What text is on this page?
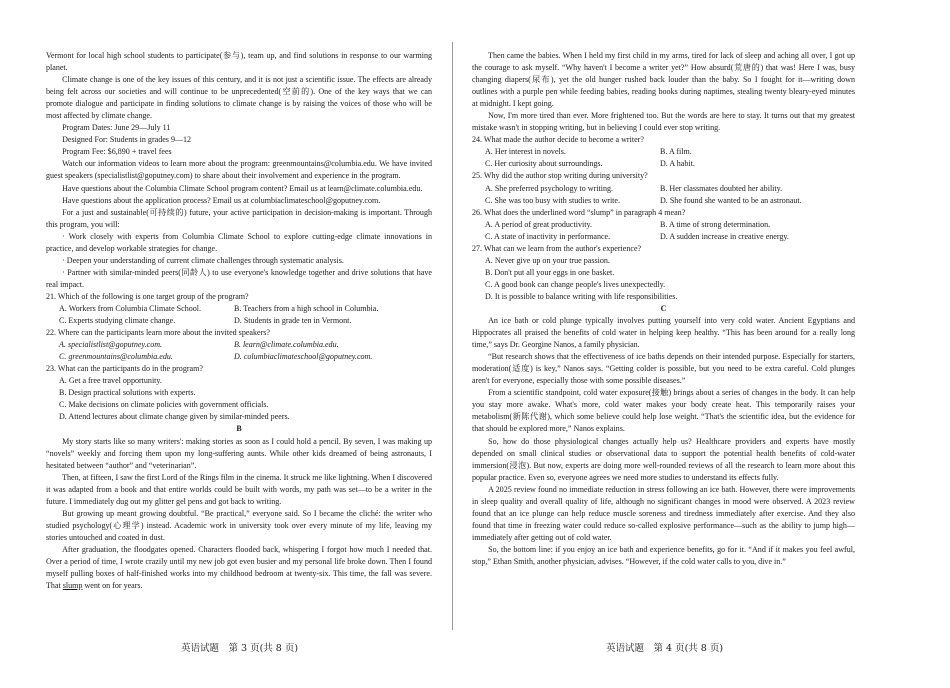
Vermont for local high school students to participate(参与), team up, and find solutions in response to our warming planet.

Climate change is one of the key issues of this century, and it is not just a scientific issue. The effects are already being felt across our societies and will continue to be unprecedented(空前的). One of the key ways that we can promote dialogue and participate in finding solutions to climate change is by raising the voices of those who will be most affected by climate change.

Program Dates: June 29—July 11

Designed For: Students in grades 9—12

Program Fee: $6,890 + travel fees

Watch our information videos to learn more about the program: greenmountains@columbia.edu. We have invited guest speakers (specialistlist@goputney.com) to share about their involvement and experience in the program.

Have questions about the Columbia Climate School program content? Email us at learn@climate.columbia.edu.

Have questions about the application process? Email us at columbiaclimateschool@goputney.com.

For a just and sustainable(可持续的) future, your active participation in decision-making is important. Through this program, you will:

· Work closely with experts from Columbia Climate School to explore cutting-edge climate innovations in practice, and develop workable strategies for change.

· Deepen your understanding of current climate challenges through systematic analysis.

· Partner with similar-minded peers(同龄人) to use everyone's knowledge together and drive solutions that have real impact.

21. Which of the following is one target group of the program?

A. Workers from Columbia Climate School.	B. Teachers from a high school in Columbia.
C. Experts studying climate change.	D. Students in grade ten in Vermont.

22. Where can the participants learn more about the invited speakers?

A. specialistlist@goputney.com.	B. learn@climate.columbia.edu.
C. greenmountains@columbia.edu.	D. columbiaclimateschool@goputney.com.

23. What can the participants do in the program?

A. Get a free travel opportunity.

B. Design practical solutions with experts.

C. Make decisions on climate policies with government officials.

D. Attend lectures about climate change given by similar-minded peers.

B

My story starts like so many writers': making stories as soon as I could hold a pencil. By seven, I was making up “novels” weekly and forcing them upon my long-suffering aunts. While other kids dreamed of being astronauts, I hesitated between “author” and “veterinarian”.

Then, at fifteen, I saw the first Lord of the Rings film in the cinema. It struck me like lightning. When I discovered it was adapted from a book and that entire worlds could be built with words, my path was set—to be a writer in the future. I immediately dug out my glitter gel pens and got back to writing.

But growing up meant growing doubtful. “Be practical,” everyone said. So I became the cliché: the writer who studied psychology(心理学) instead. Academic work in university took over every minute of my life, leaving my stories untouched and coated in dust.

After graduation, the floodgates opened. Characters flooded back, whispering I forgot how much I needed that. Over a period of time, I wrote crazily until my new job got even busier and my personal life broke down. Then I found myself pulling boxes of half-finished works into my childhood bedroom at twenty-six. This time, the fall was severe. That slump went on for years.

Then came the babies. When I held my first child in my arms, tired for lack of sleep and aching all over, I got up the courage to ask myself. “Why haven't I become a writer yet?” How absurd(荒唐的) that was! Here I was, busy changing diapers(尿布), yet the old hunger rushed back louder than the baby. So I fought for it—writing down outlines with a purple pen while feeding babies, reading books during naptimes, stealing twenty bleary-eyed minutes at midnight. I kept going.

Now, I'm more tired than ever. More frightened too. But the words are here to stay. It turns out that my greatest mistake wasn't in stopping writing, but in believing I could ever stop writing.

24. What made the author decide to become a writer?

A. Her interest in novels.	B. A film.
C. Her curiosity about surroundings.	D. A habit.

25. Why did the author stop writing during university?

A. She preferred psychology to writing.	B. Her classmates doubted her ability.
C. She was too busy with studies to write.	D. She found she wanted to be an astronaut.

26. What does the underlined word “slump” in paragraph 4 mean?

A. A period of great productivity.	B. A time of strong determination.
C. A state of inactivity in performance.	D. A sudden increase in creative energy.

27. What can we learn from the author's experience?

A. Never give up on your true passion.

B. Don't put all your eggs in one basket.

C. A good book can change people's lives unexpectedly.

D. It is possible to balance writing with life responsibilities.

C

An ice bath or cold plunge typically involves putting yourself into very cold water. Ancient Egyptians and Hippocrates all praised the benefits of cold water in helping keep healthy. “This has been around for a really long time,” says Dr. Georgine Nanos, a family physician.

“But research shows that the effectiveness of ice baths depends on their intended purpose. Especially for starters, moderation(适度) is key,” Nanos says. “Getting colder is possible, but you need to be extra careful. Cold plunges aren't for everyone, especially those with some possible diseases.”

From a scientific standpoint, cold water exposure(接触) brings about a series of changes in the body. It can help you stay more awake. What's more, cold water makes your body create heat. This temporarily raises your metabolism(新陈代谢), which some believe could help lose weight. “That's the scientific idea, but the evidence for that should be explored more,” Nanos explains.

So, how do those physiological changes actually help us? Healthcare providers and experts have mostly depended on small clinical studies or observational data to support the potential health benefits of cold-water immersion(浸泡). But now, experts are doing more well-rounded reviews of all the research to learn more about this popular practice. Even so, everyone agrees we need more studies to understand its effects fully.

A 2025 review found no immediate reduction in stress following an ice bath. However, there were improvements in sleep quality and overall quality of life, although no significant changes in mood were observed. A 2023 review found that an ice plunge can help reduce muscle soreness and tiredness immediately after exercise. And they also found that time in freezing water could reduce so-called explosive performance—such as the ability to jump high—immediately after getting out of cold water.

So, the bottom line: if you enjoy an ice bath and experience benefits, go for it. “And if it makes you feel awful, stop,” Ethan Smith, another physician, advises. “However, if the cold water calls to you, dive in.”

英语试题　第 3 页(共 8 页)	英语试题　第 4 页(共 8 页)
